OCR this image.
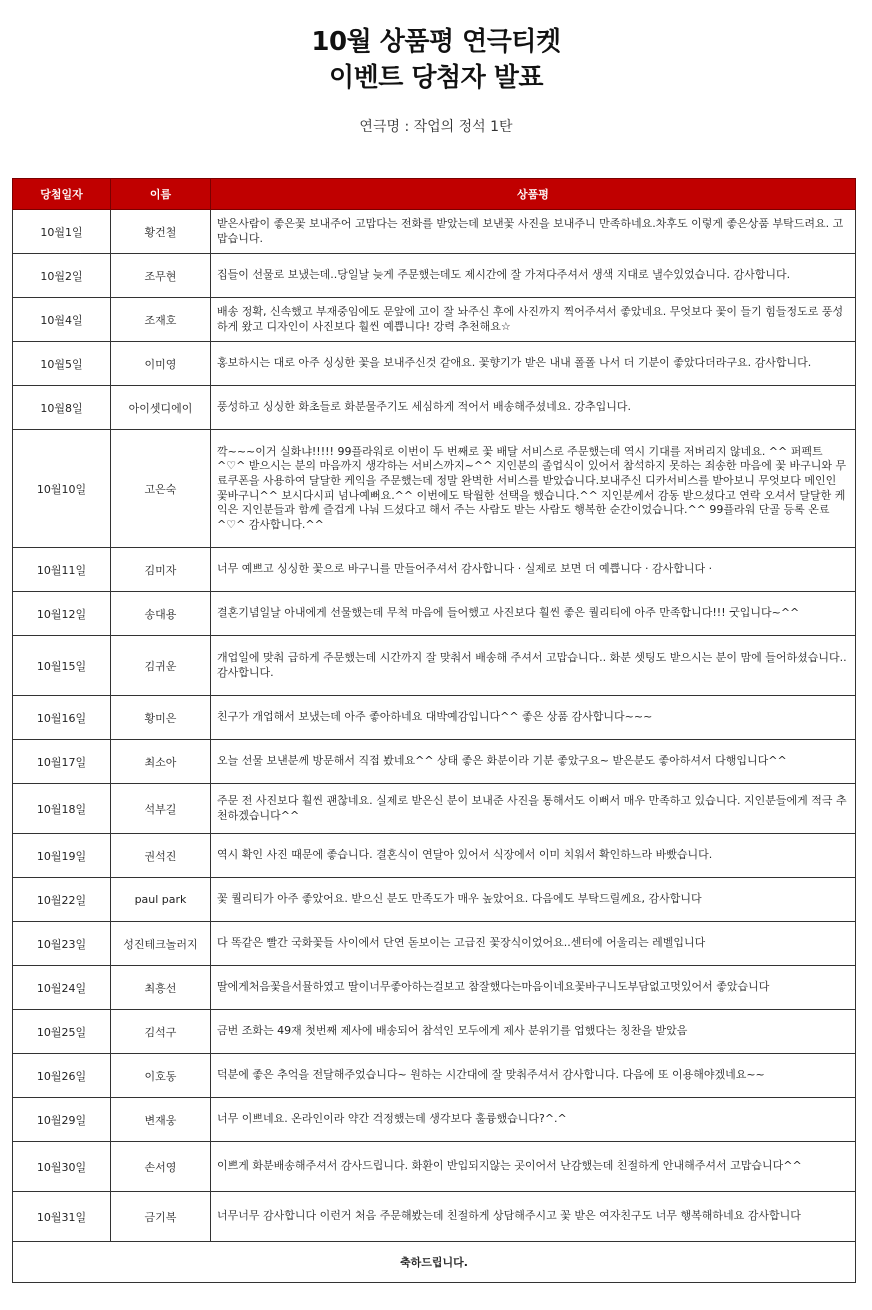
10월 상품평 연극티켓
이벤트 당첨자 발표
연극명 : 작업의 정석 1탄
당첨일자	이름	상품평
10월1일	황건철	받은사람이 좋은꽃 보내주어 고맙다는 전화를 받았는데 보낸꽃 사진을 보내주니 만족하네요.차후도 이렇게 좋은상품 부탁드려요. 고맙습니다.
10월2일	조무현	집들이 선물로 보냈는데..당일날 늦게 주문했는데도 제시간에 잘 가져다주셔서 생색 지대로 낼수있었습니다. 감사합니다.
10월4일	조재호	배송 정확, 신속했고 부재중임에도 문앞에 고이 잘 놔주신 후에 사진까지 찍어주셔서 좋았네요. 무엇보다 꽃이 들기 힘들정도로 풍성하게 왔고 디자인이 사진보다 훨씬 예쁩니다! 강력 추천해요☆
10월5일	이미영	홍보하시는 대로 아주 싱싱한 꽃을 보내주신것 같애요. 꽃향기가 받은 내내 폴폴 나서 더 기분이 좋았다더라구요. 감사합니다.
10월8일	아이셋디에이	풍성하고 싱싱한 화초들로 화분물주기도 세심하게 적어서 배송해주셨네요. 강추입니다.
10월10일	고은숙	깍~~~이거 실화냐!!!!! 99플라워로 이번이 두 번째로 꽃 배달 서비스로 주문했는데 역시 기대를 저버리지 않네요. ^^ 퍼펙트^♡^ 받으시는 분의 마음까지 생각하는 서비스까지~^^ 지인분의 졸업식이 있어서 참석하지 못하는 죄송한 마음에 꽃 바구니와 무료쿠폰을 사용하여 달달한 케익을 주문했는데 정말 완벽한 서비스를 받았습니다.보내주신 디카서비스를 받아보니 무엇보다 메인인 꽃바구니^^ 보시다시피 넘나예뻐요.^^ 이번에도 탁월한 선택을 했습니다.^^ 지인분께서 감동 받으셨다고 연락 오셔서 달달한 케익은 지인분들과 함께 즐겁게 나눠 드셨다고 해서 주는 사람도 받는 사람도 행복한 순간이었습니다.^^ 99플라워 단골 등록 온료^♡^ 감사합니다.^^
10월11일	김미자	너무 예쁘고 싱싱한 꽃으로 바구니를 만들어주셔서 감사합니다 · 실제로 보면 더 예쁩니다 · 감사합니다 ·
10월12일	송대용	결혼기념일날 아내에게 선물했는데 무척 마음에 들어했고 사진보다 훨씬 좋은 퀄리티에 아주 만족합니다!!! 굿입니다~^^
10월15일	김귀운	개업일에 맞춰 급하게 주문했는데 시간까지 잘 맞춰서 배송해 주셔서 고맙습니다.. 화분 셋팅도 받으시는 분이 맘에 들어하셨습니다.. 감사합니다.
10월16일	황미은	친구가 개업해서 보냈는데 아주 좋아하네요 대박예감입니다^^ 좋은 상품 감사합니다~~~
10월17일	최소아	오늘 선물 보낸분께 방문해서 직접 봤네요^^ 상태 좋은 화분이라 기분 좋았구요~ 받은분도 좋아하셔서 다행입니다^^
10월18일	석부길	주문 전 사진보다 훨씬 괜찮네요. 실제로 받은신 분이 보내준 사진을 통해서도 이뻐서 매우 만족하고 있습니다. 지인분들에게 적극 추천하겠습니다^^
10월19일	권석진	역시 확인 사진 때문에 좋습니다. 결혼식이 연달아 있어서 식장에서 이미 치워서 확인하느라 바빴습니다.
10월22일	paul park	꽃 퀄리티가 아주 좋았어요. 받으신 분도 만족도가 매우 높았어요. 다음에도 부탁드릴께요, 감사합니다
10월23일	성진테크놀러지	다 똑같은 빨간 국화꽃들 사이에서 단연 돋보이는 고급진 꽃장식이었어요..센터에 어울리는 레벨입니다
10월24일	최흥선	딸에게처음꽃을서뮬하였고 딸이너무좋아하는걸보고 참잘했다는마음이네요꽃바구니도부담없고멋있어서 좋았습니다
10월25일	김석구	금번 조화는 49재 첫번째 제사에 배송되어 참석인 모두에게 제사 분위기를 업했다는 칭찬을 받았음
10월26일	이호동	덕분에 좋은 추억을 전달해주었습니다~ 원하는 시간대에 잘 맞춰주셔서 감사합니다. 다음에 또 이용해야겠네요~~
10월29일	변재웅	너무 이쁘네요. 온라인이라 약간 걱정했는데 생각보다 훌륭했습니다?^.^
10월30일	손서영	이쁘게 화분배송해주셔서 감사드립니다. 화환이 반입되지않는 곳이어서 난감했는데 친절하게 안내해주셔서 고맙습니다^^
10월31일	금기복	너무너무 감사합니다 이런거 처음 주문해봤는데 친절하게 상담해주시고 꽃 받은 여자친구도 너무 행복해하네요 감사합니다
축하드립니다.		
